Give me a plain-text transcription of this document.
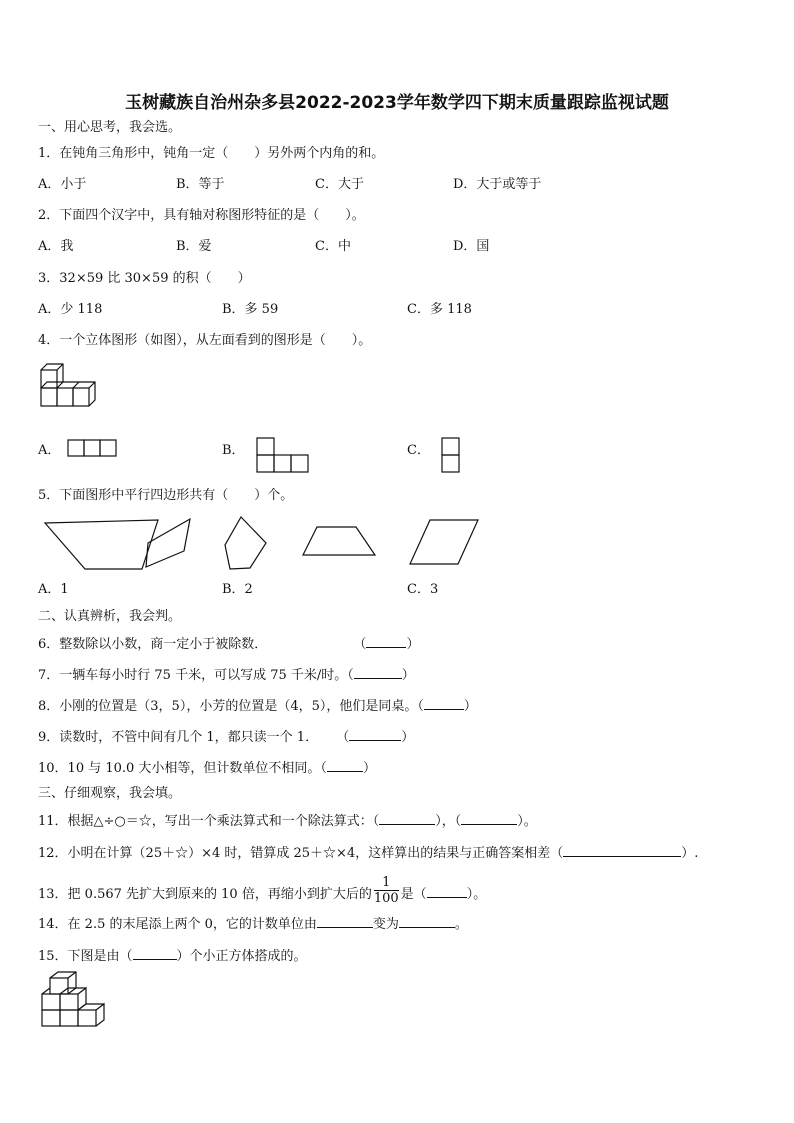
玉树藏族自治州杂多县2022-2023学年数学四下期末质量跟踪监视试题
一、用心思考，我会选。
1．在钝角三角形中，钝角一定（　　）另外两个内角的和。
A．小于	B．等于	C．大于	D．大于或等于
2．下面四个汉字中，具有轴对称图形特征的是（　　）。
A．我	B．爱	C．中	D．国
3．32×59 比 30×59 的积（　　）
A．少 118	B．多 59	C．多 118
4．一个立体图形（如图），从左面看到的图形是（　　）。
A．	B．	C．
5．下面图形中平行四边形共有（　　）个。
A．1	B．2	C．3
二、认真辨析，我会判。
6．整数除以小数，商一定小于被除数．	（	）
7．一辆车每小时行 75 千米，可以写成 75 千米/时。（	）
8．小刚的位置是（3，5），小芳的位置是（4，5），他们是同桌。（	）
9．读数时，不管中间有几个 1，都只读一个 1． （	）
10．10 与 10.0 大小相等，但计数单位不相同。（	）
三、仔细观察，我会填。
11．根据△÷○＝☆，写出一个乘法算式和一个除法算式：（	），（	）。
12．小明在计算（25＋☆）×4 时，错算成 25＋☆×4，这样算出的结果与正确答案相差（	）.
13．把 0.567 先扩大到原来的 10 倍，再缩小到扩大后的 $\frac{1}{100}$ 是（	）。
14．在 2.5 的末尾添上两个 0，它的计数单位由	变为	。
15．下图是由（	）个小正方体搭成的。
